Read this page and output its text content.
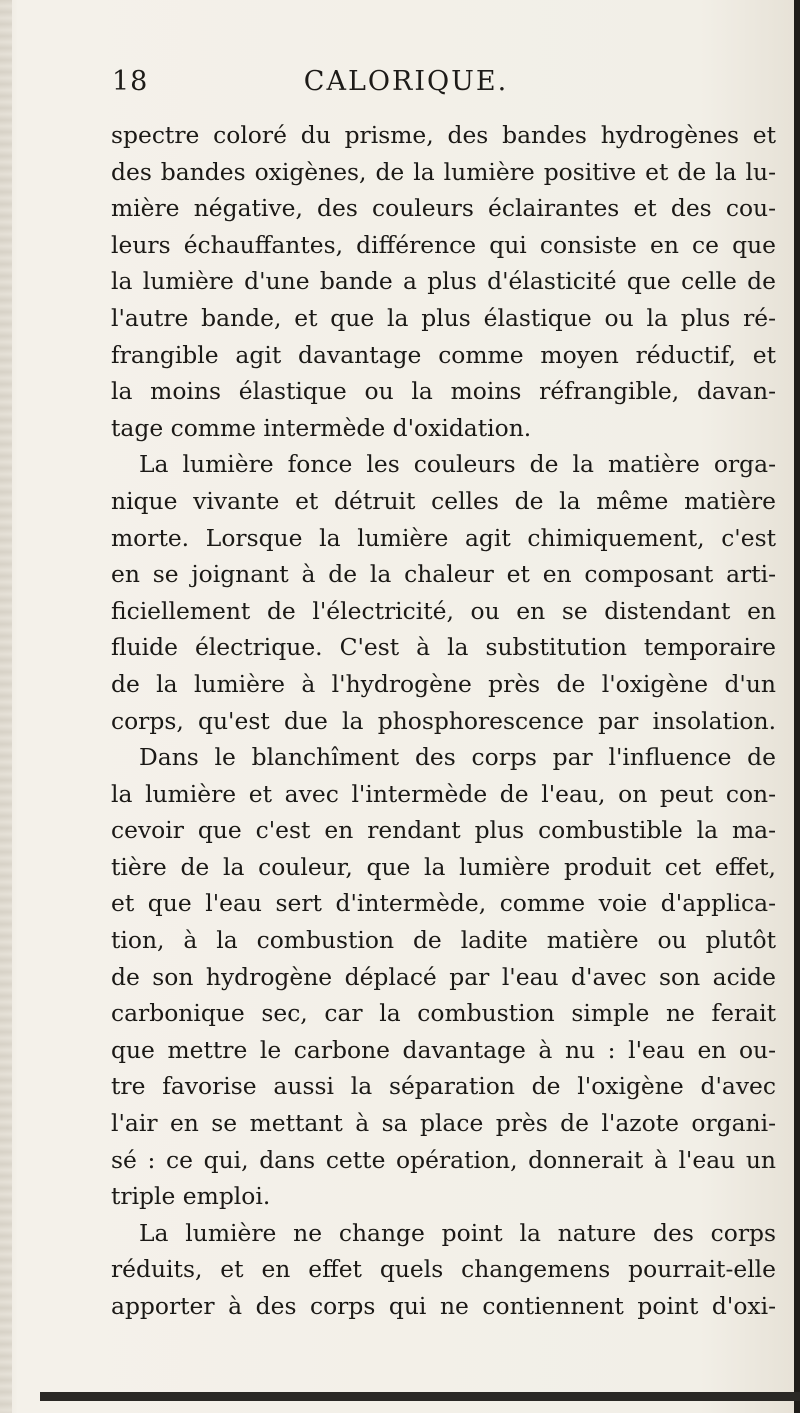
18	CALORIQUE.
spectre coloré du prisme, des bandes hydrogènes et
des bandes oxigènes, de la lumière positive et de la lu-
mière négative, des couleurs éclairantes et des cou-
leurs échauffantes, différence qui consiste en ce que
la lumière d'une bande a plus d'élasticité que celle de
l'autre bande, et que la plus élastique ou la plus ré-
frangible agit davantage comme moyen réductif, et
la moins élastique ou la moins réfrangible, davan-
tage comme intermède d'oxidation.
La lumière fonce les couleurs de la matière orga-
nique vivante et détruit celles de la même matière
morte. Lorsque la lumière agit chimiquement, c'est
en se joignant à de la chaleur et en composant arti-
ficiellement de l'électricité, ou en se distendant en
fluide électrique. C'est à la substitution temporaire
de la lumière à l'hydrogène près de l'oxigène d'un
corps, qu'est due la phosphorescence par insolation.
Dans le blanchîment des corps par l'influence de
la lumière et avec l'intermède de l'eau, on peut con-
cevoir que c'est en rendant plus combustible la ma-
tière de la couleur, que la lumière produit cet effet,
et que l'eau sert d'intermède, comme voie d'applica-
tion, à la combustion de ladite matière ou plutôt
de son hydrogène déplacé par l'eau d'avec son acide
carbonique sec, car la combustion simple ne ferait
que mettre le carbone davantage à nu : l'eau en ou-
tre favorise aussi la séparation de l'oxigène d'avec
l'air en se mettant à sa place près de l'azote organi-
sé : ce qui, dans cette opération, donnerait à l'eau un
triple emploi.
La lumière ne change point la nature des corps
réduits, et en effet quels changemens pourrait-elle
apporter à des corps qui ne contiennent point d'oxi-
